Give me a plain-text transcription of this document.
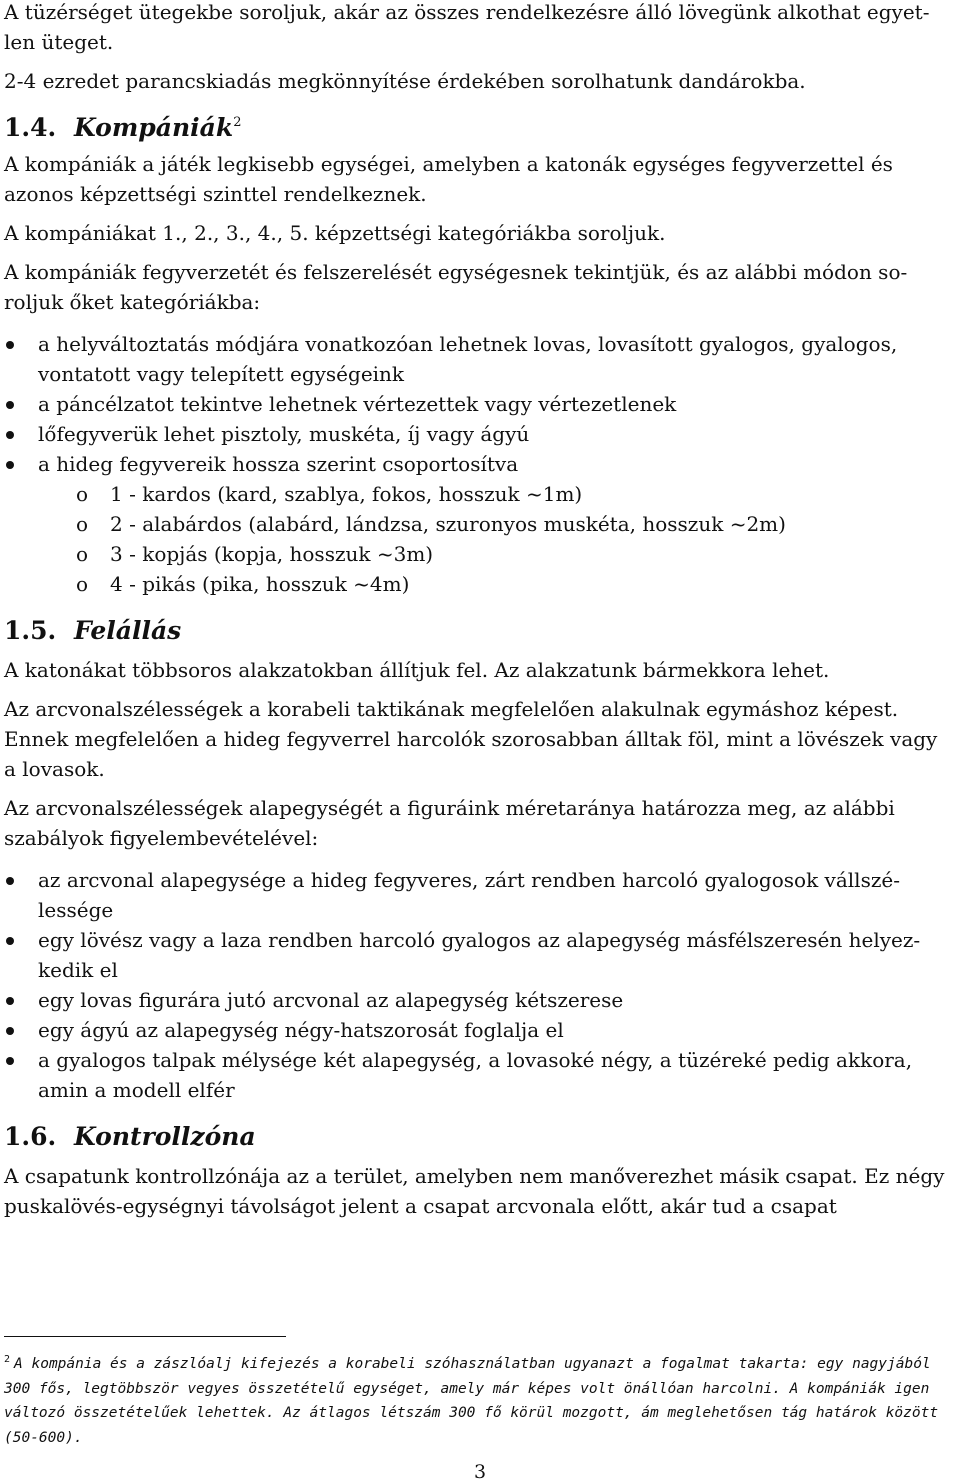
A tüzérséget ütegekbe soroljuk, akár az összes rendelkezésre álló lövegünk alkothat egyet-len üteget.

2-4 ezredet parancskiadás megkönnyítése érdekében sorolhatunk dandárokba.

1.4. Kompániák$^2$

A kompániák a játék legkisebb egységei, amelyben a katonák egységes fegyverzettel és azonos képzettségi szinttel rendelkeznek.

A kompániákat 1., 2., 3., 4., 5. képzettségi kategóriákba soroljuk.

A kompániák fegyverzetét és felszerelését egységesnek tekintjük, és az alábbi módon so-roljuk őket kategóriákba:

a helyváltoztatás módjára vonatkozóan lehetnek lovas, lovasított gyalogos, gyalogos, vontatott vagy telepített egységeink
a páncélzatot tekintve lehetnek vértezettek vagy vértezetlenek
lőfegyverük lehet pisztoly, muskéta, íj vagy ágyú
a hideg fegyvereik hossza szerint csoportosítva
o 1 - kardos (kard, szablya, fokos, hosszuk ~1m)
o 2 - alabárdos (alabárd, lándzsa, szuronyos muskéta, hosszuk ~2m)
o 3 - kopjás (kopja, hosszuk ~3m)
o 4 - pikás (pika, hosszuk ~4m)
1.5. Felállás

A katonákat többsoros alakzatokban állítjuk fel. Az alakzatunk bármekkora lehet.

Az arcvonalszélességek a korabeli taktikának megfelelően alakulnak egymáshoz képest. Ennek megfelelően a hideg fegyverrel harcolók szorosabban álltak föl, mint a lövészek vagy a lovasok.

Az arcvonalszélességek alapegységét a figuráink méretaránya határozza meg, az alábbi szabályok figyelembevételével:

az arcvonal alapegysége a hideg fegyveres, zárt rendben harcoló gyalogosok vállszé-lessége
egy lövész vagy a laza rendben harcoló gyalogos az alapegység másfélszeresén helyez-kedik el
egy lovas figurára jutó arcvonal az alapegység kétszerese
egy ágyú az alapegység négy-hatszorosát foglalja el
a gyalogos talpak mélysége két alapegység, a lovasoké négy, a tüzéreké pedig akkora, amin a modell elfér
1.6. Kontrollzóna

A csapatunk kontrollzónája az a terület, amelyben nem manőverezhet másik csapat. Ez négy puskalövés-egységnyi távolságot jelent a csapat arcvonala előtt, akár tud a csapat

$^2$ A kompánia és a zászlóalj kifejezés a korabeli szóhasználatban ugyanazt a fogalmat takarta: egy nagyjából 300 fős, legtöbbször vegyes összetételű egységet, amely már képes volt önállóan harcolni. A kompániák igen változó összetételűek lehettek. Az átlagos létszám 300 fő körül mozgott, ám meglehetősen tág határok között (50-600).
3
